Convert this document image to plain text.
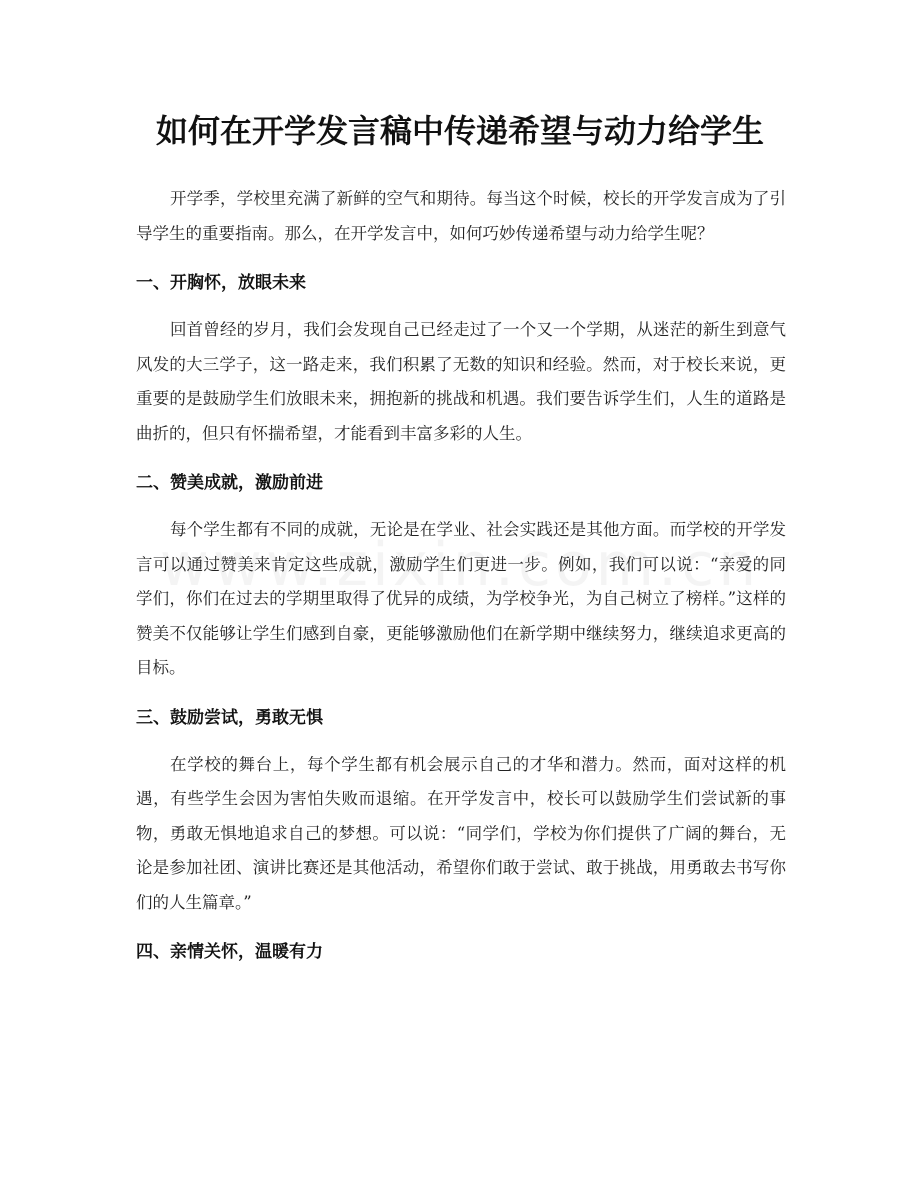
如何在开学发言稿中传递希望与动力给学生

开学季，学校里充满了新鲜的空气和期待。每当这个时候，校长的开学发言成为了引导学生的重要指南。那么，在开学发言中，如何巧妙传递希望与动力给学生呢？

一、开胸怀，放眼未来

回首曾经的岁月，我们会发现自己已经走过了一个又一个学期，从迷茫的新生到意气风发的大三学子，这一路走来，我们积累了无数的知识和经验。然而，对于校长来说，更重要的是鼓励学生们放眼未来，拥抱新的挑战和机遇。我们要告诉学生们，人生的道路是曲折的，但只有怀揣希望，才能看到丰富多彩的人生。

二、赞美成就，激励前进

每个学生都有不同的成就，无论是在学业、社会实践还是其他方面。而学校的开学发言可以通过赞美来肯定这些成就，激励学生们更进一步。例如，我们可以说：“亲爱的同学们，你们在过去的学期里取得了优异的成绩，为学校争光，为自己树立了榜样。”这样的赞美不仅能够让学生们感到自豪，更能够激励他们在新学期中继续努力，继续追求更高的目标。

三、鼓励尝试，勇敢无惧

在学校的舞台上，每个学生都有机会展示自己的才华和潜力。然而，面对这样的机遇，有些学生会因为害怕失败而退缩。在开学发言中，校长可以鼓励学生们尝试新的事物，勇敢无惧地追求自己的梦想。可以说：“同学们，学校为你们提供了广阔的舞台，无论是参加社团、演讲比赛还是其他活动，希望你们敢于尝试、敢于挑战，用勇敢去书写你们的人生篇章。”

四、亲情关怀，温暖有力
